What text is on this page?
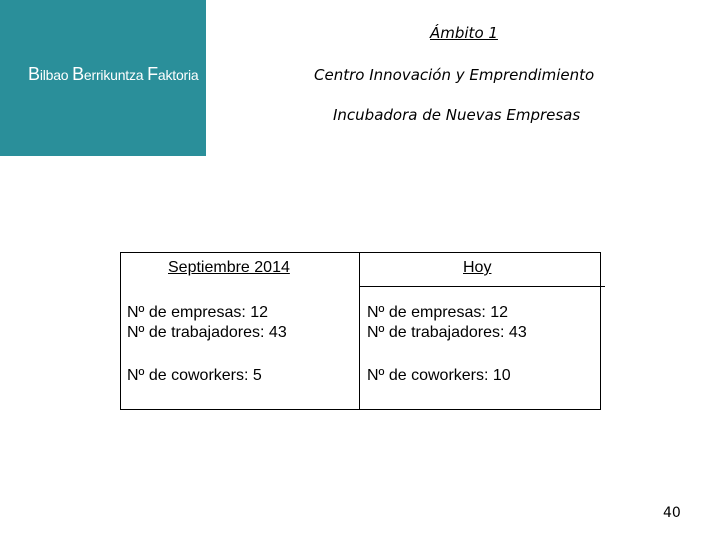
Bilbao Berrikuntza Faktoria
Ámbito 1
Centro Innovación y Emprendimiento
Incubadora de Nuevas Empresas
Septiembre 2014	Hoy
Nº de empresas: 12
Nº de trabajadores: 43
Nº de coworkers: 5
Nº de empresas: 12
Nº de trabajadores: 43
Nº de coworkers: 10
40
